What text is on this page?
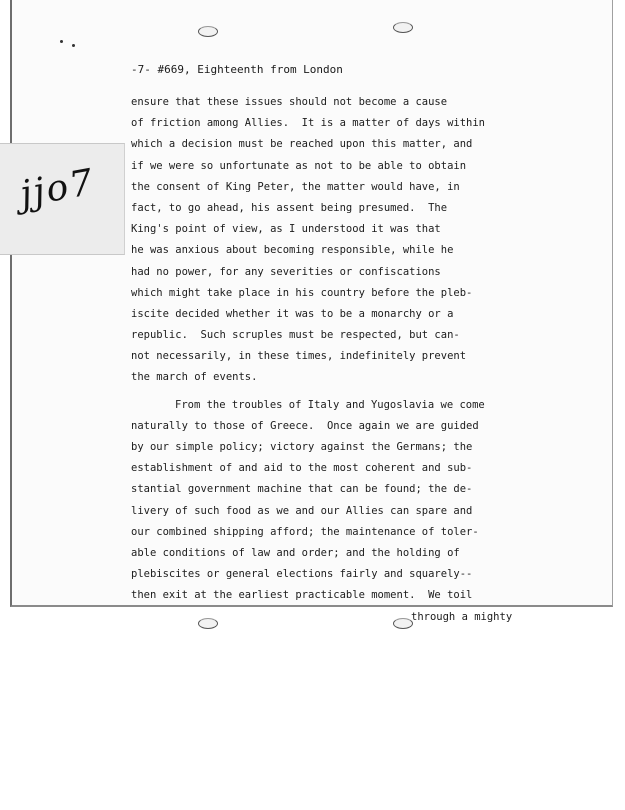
jjo7
-7- #669, Eighteenth from London
ensure that these issues should not become a cause
of friction among Allies.  It is a matter of days within
which a decision must be reached upon this matter, and
if we were so unfortunate as not to be able to obtain
the consent of King Peter, the matter would have, in
fact, to go ahead, his assent being presumed.  The
King's point of view, as I understood it was that
he was anxious about becoming responsible, while he
had no power, for any severities or confiscations
which might take place in his country before the pleb-
iscite decided whether it was to be a monarchy or a
republic.  Such scruples must be respected, but can-
not necessarily, in these times, indefinitely prevent
the march of events.
From the troubles of Italy and Yugoslavia we come
naturally to those of Greece.  Once again we are guided
by our simple policy; victory against the Germans; the
establishment of and aid to the most coherent and sub-
stantial government machine that can be found; the de-
livery of such food as we and our Allies can spare and
our combined shipping afford; the maintenance of toler-
able conditions of law and order; and the holding of
plebiscites or general elections fairly and squarely--
then exit at the earliest practicable moment.  We toil
through a mighty
